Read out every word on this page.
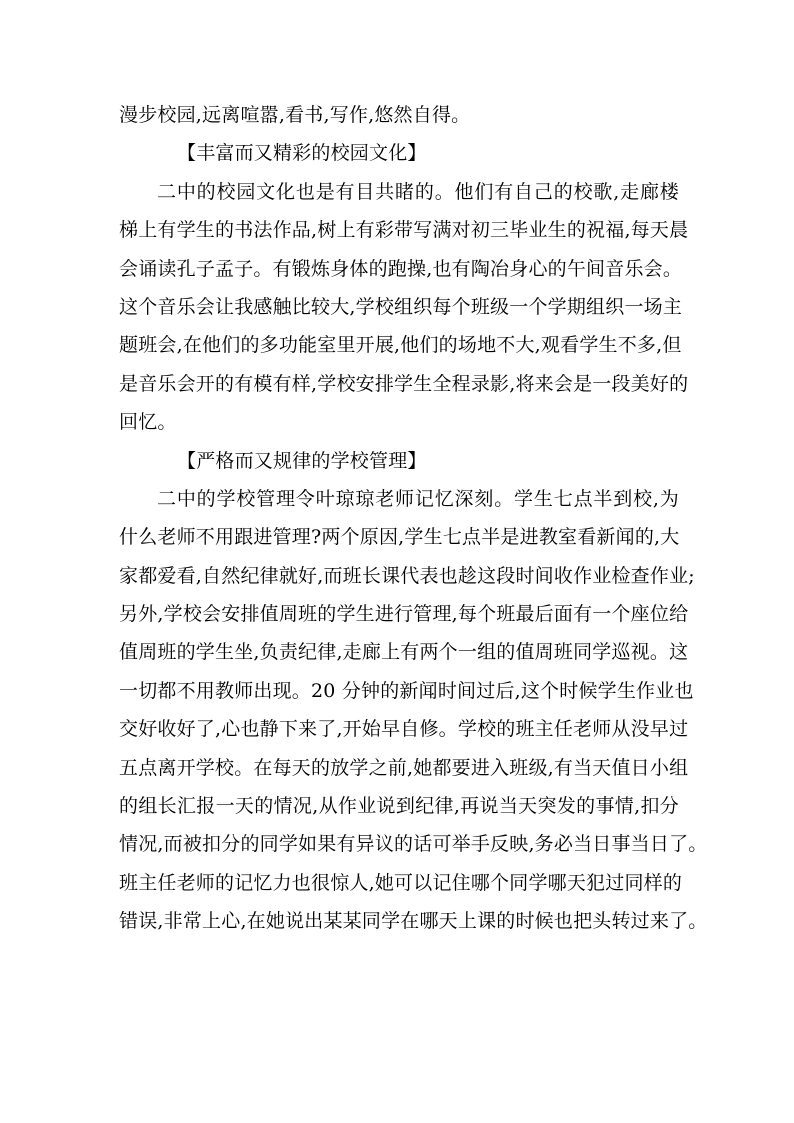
漫步校园,远离喧嚣,看书,写作,悠然自得。
【丰富而又精彩的校园文化】
二中的校园文化也是有目共睹的。他们有自己的校歌,走廊楼
梯上有学生的书法作品,树上有彩带写满对初三毕业生的祝福,每天晨
会诵读孔子孟子。有锻炼身体的跑操,也有陶冶身心的午间音乐会。
这个音乐会让我感触比较大,学校组织每个班级一个学期组织一场主
题班会,在他们的多功能室里开展,他们的场地不大,观看学生不多,但
是音乐会开的有模有样,学校安排学生全程录影,将来会是一段美好的
回忆。
【严格而又规律的学校管理】
二中的学校管理令叶琼琼老师记忆深刻。学生七点半到校,为
什么老师不用跟进管理?两个原因,学生七点半是进教室看新闻的,大
家都爱看,自然纪律就好,而班长课代表也趁这段时间收作业检查作业;
另外,学校会安排值周班的学生进行管理,每个班最后面有一个座位给
值周班的学生坐,负责纪律,走廊上有两个一组的值周班同学巡视。这
一切都不用教师出现。20 分钟的新闻时间过后,这个时候学生作业也
交好收好了,心也静下来了,开始早自修。学校的班主任老师从没早过
五点离开学校。在每天的放学之前,她都要进入班级,有当天值日小组
的组长汇报一天的情况,从作业说到纪律,再说当天突发的事情,扣分
情况,而被扣分的同学如果有异议的话可举手反映,务必当日事当日了。
班主任老师的记忆力也很惊人,她可以记住哪个同学哪天犯过同样的
错误,非常上心,在她说出某某同学在哪天上课的时候也把头转过来了。
